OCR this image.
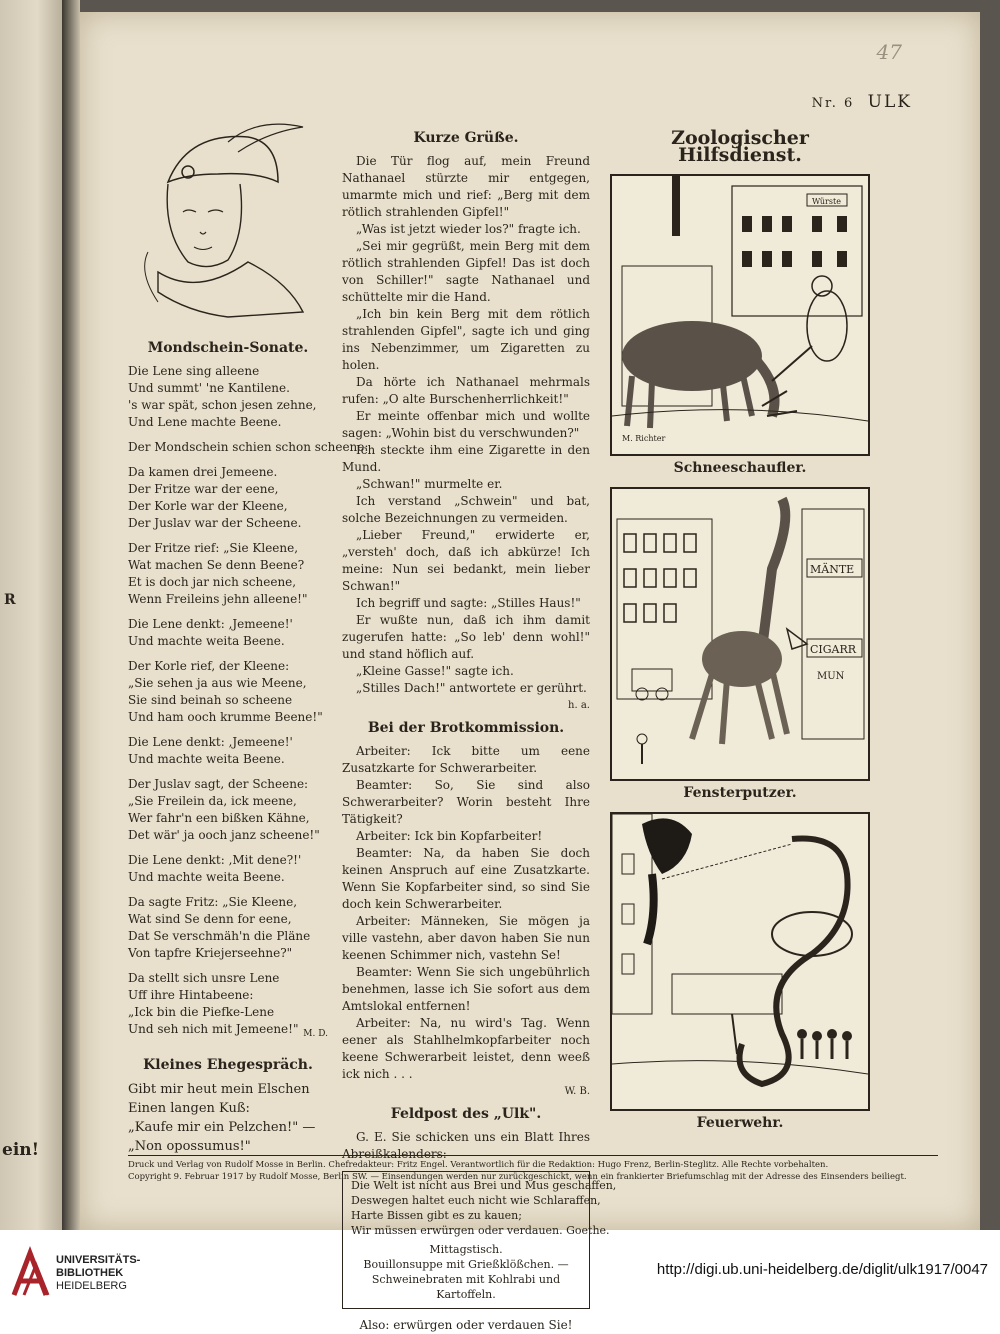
R
ein!
47
Nr. 6 ULK
Mondschein-Sonate.
Die Lene sing alleene
Und summt' 'ne Kantilene.
's war spät, schon jesen zehne,
Und Lene machte Beene.
Der Mondschein schien schon scheene:
Da kamen drei Jemeene.
Der Fritze war der eene,
Der Korle war der Kleene,
Der Juslav war der Scheene.
Der Fritze rief: „Sie Kleene,
Wat machen Se denn Beene?
Et is doch jar nich scheene,
Wenn Freileins jehn alleene!"
Die Lene denkt: ‚Jemeene!'
Und machte weita Beene.
Der Korle rief, der Kleene:
„Sie sehen ja aus wie Meene,
Sie sind beinah so scheene
Und ham ooch krumme Beene!"
Die Lene denkt: ‚Jemeene!'
Und machte weita Beene.
Der Juslav sagt, der Scheene:
„Sie Freilein da, ick meene,
Wer fahr'n een bißken Kähne,
Det wär' ja ooch janz scheene!"
Die Lene denkt: ‚Mit dene?!'
Und machte weita Beene.
Da sagte Fritz: „Sie Kleene,
Wat sind Se denn for eene,
Dat Se verschmäh'n die Pläne
Von tapfre Kriejerseehne?"
Da stellt sich unsre Lene
Uff ihre Hintabeene:
„Ick bin die Piefke-Lene
Und seh nich mit Jemeene!" M. D.
Kleines Ehegespräch.
Gibt mir heut mein Elschen
Einen langen Kuß:
„Kaufe mir ein Pelzchen!" —
„Non opossumus!"
Kurze Grüße.

Die Tür flog auf, mein Freund Nathanael stürzte mir entgegen, umarmte mich und rief: „Berg mit dem rötlich strahlenden Gipfel!"

„Was ist jetzt wieder los?" fragte ich.

„Sei mir gegrüßt, mein Berg mit dem rötlich strahlenden Gipfel! Das ist doch von Schiller!" sagte Nathanael und schüttelte mir die Hand.

„Ich bin kein Berg mit dem rötlich strahlenden Gipfel", sagte ich und ging ins Nebenzimmer, um Zigaretten zu holen.

Da hörte ich Nathanael mehrmals rufen: „O alte Burschenherrlichkeit!"

Er meinte offenbar mich und wollte sagen: „Wohin bist du verschwunden?"

Ich steckte ihm eine Zigarette in den Mund.

„Schwan!" murmelte er.

Ich verstand „Schwein" und bat, solche Bezeichnungen zu vermeiden.

„Lieber Freund," erwiderte er, „versteh' doch, daß ich abkürze! Ich meine: Nun sei bedankt, mein lieber Schwan!"

Ich begriff und sagte: „Stilles Haus!"

Er wußte nun, daß ich ihm damit zugerufen hatte: „So leb' denn wohl!" und stand höflich auf.

„Kleine Gasse!" sagte ich.

„Stilles Dach!" antwortete er gerührt.

h. a.
Bei der Brotkommission.

Arbeiter: Ick bitte um eene Zusatzkarte for Schwerarbeiter.

Beamter: So, Sie sind also Schwerarbeiter? Worin besteht Ihre Tätigkeit?

Arbeiter: Ick bin Kopfarbeiter!

Beamter: Na, da haben Sie doch keinen Anspruch auf eine Zusatzkarte. Wenn Sie Kopfarbeiter sind, so sind Sie doch kein Schwerarbeiter.

Arbeiter: Männeken, Sie mögen ja ville vastehn, aber davon haben Sie nun keenen Schimmer nich, vastehn Se!

Beamter: Wenn Sie sich ungebührlich benehmen, lasse ich Sie sofort aus dem Amtslokal entfernen!

Arbeiter: Na, nu wird's Tag. Wenn eener als Stahlhelmkopfarbeiter noch keene Schwerarbeit leistet, denn weeß ick nich . . .

W. B.
Feldpost des „Ulk".

G. E. Sie schicken uns ein Blatt Ihres Abreißkalenders:

Die Welt ist nicht aus Brei und Mus geschaffen,
Deswegen haltet euch nicht wie Schlaraffen,
Harte Bissen gibt es zu kauen;
Wir müssen erwürgen oder verdauen. Goethe.
Mittagstisch.
Bouillonsuppe mit Grießklößchen. — Schweinebraten mit Kohlrabi und Kartoffeln.

Also: erwürgen oder verdauen Sie!

Zoologischer Hilfsdienst.
Würste
M. Richter
Schneeschaufler.
MÄNTE
CIGARR
MUN
Fensterputzer.
Feuerwehr.
Druck und Verlag von Rudolf Mosse in Berlin. Chefredakteur: Fritz Engel. Verantwortlich für die Redaktion: Hugo Frenz, Berlin-Steglitz. Alle Rechte vorbehalten.
Copyright 9. Februar 1917 by Rudolf Mosse, Berlin SW. — Einsendungen werden nur zurückgeschickt, wenn ein frankierter Briefumschlag mit der Adresse des Einsenders beiliegt.
UNIVERSITÄTS-
BIBLIOTHEK
HEIDELBERG
http://digi.ub.uni-heidelberg.de/diglit/ulk1917/0047
